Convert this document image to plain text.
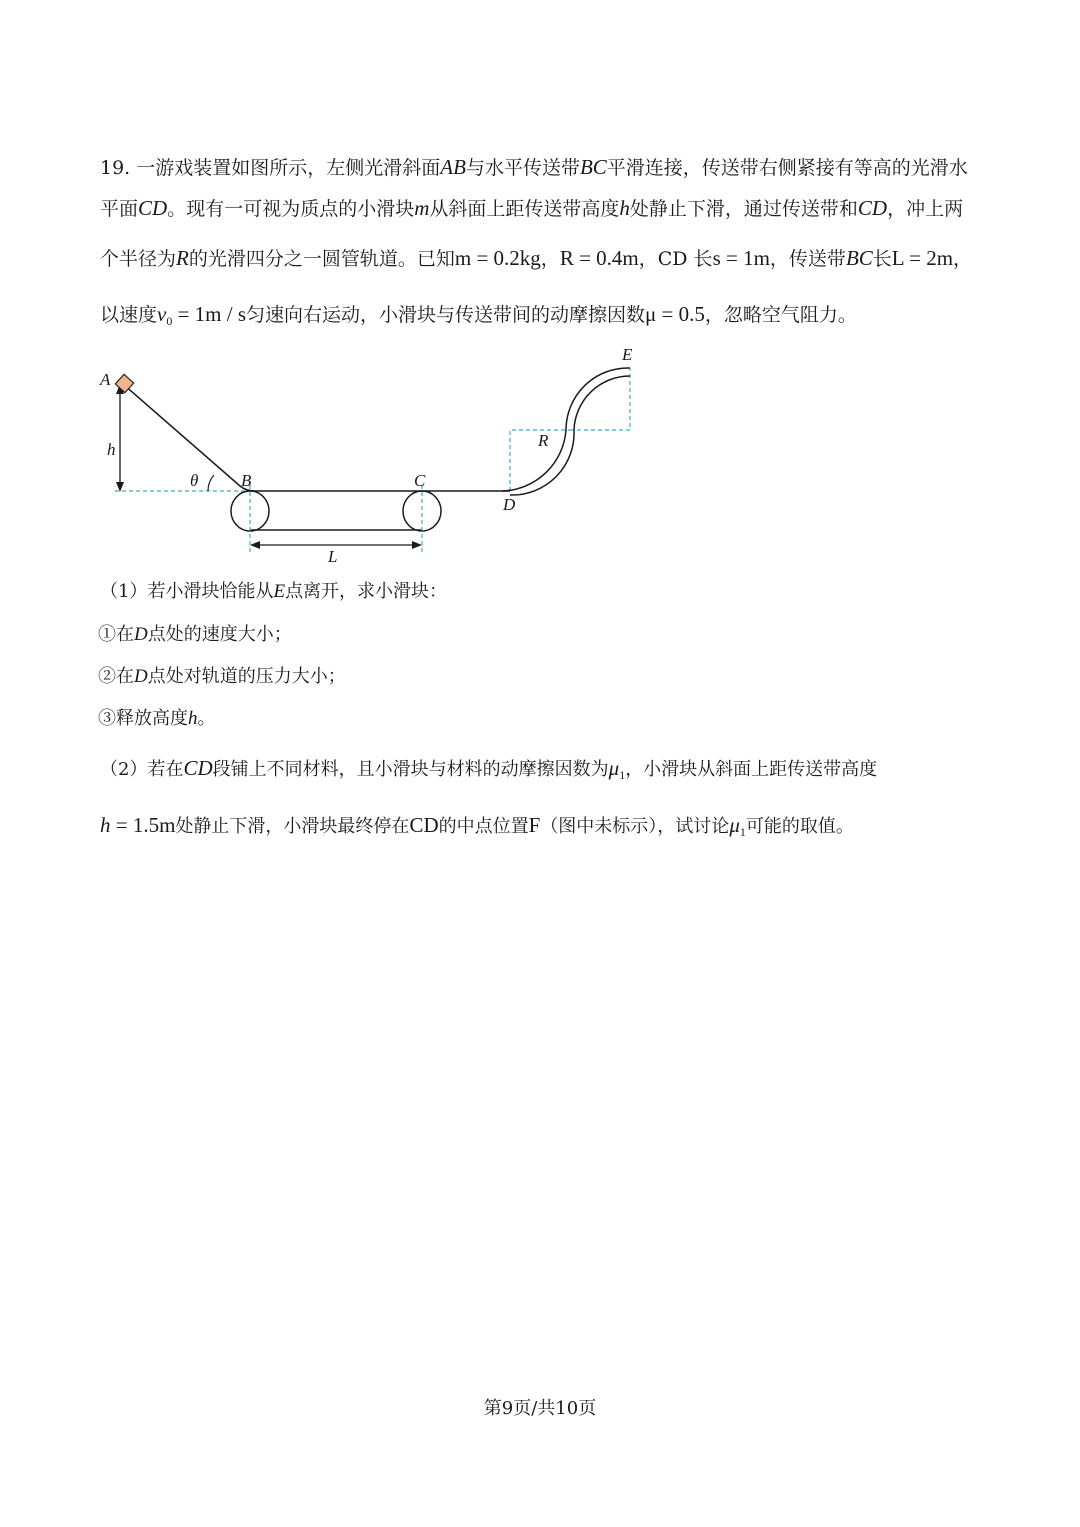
19. 一游戏装置如图所示，左侧光滑斜面AB与水平传送带BC平滑连接，传送带右侧紧接有等高的光滑水
平面CD。现有一可视为质点的小滑块m从斜面上距传送带高度h处静止下滑，通过传送带和CD，冲上两
个半径为R的光滑四分之一圆管轨道。已知m = 0.2kg，R = 0.4m，CD 长s = 1m，传送带BC长L = 2m，
以速度$v_0 = 1m / s$匀速向右运动，小滑块与传送带间的动摩擦因数μ = 0.5，忽略空气阻力。
A
h
θ	B	C
D
E
R
L
（1）若小滑块恰能从E点离开，求小滑块：
①在D点处的速度大小；
②在D点处对轨道的压力大小；
③释放高度h。
（2）若在CD段铺上不同材料，且小滑块与材料的动摩擦因数为$\mu_1$，小滑块从斜面上距传送带高度
h = 1.5m处静止下滑，小滑块最终停在CD的中点位置F（图中未标示），试讨论$\mu_1$可能的取值。
第9页/共10页
